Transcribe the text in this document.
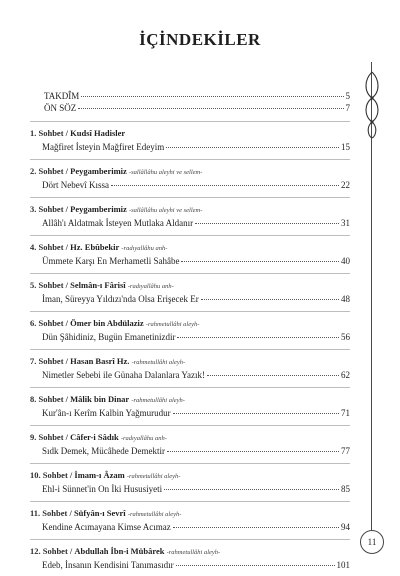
İÇİNDEKİLER
TAKDÎM	5
ÖN SÖZ	7
1. Sohbet / Kudsî Hadisler
Mağfiret İsteyin Mağfiret Edeyim	15
2. Sohbet / Peygamberimiz -sallâllâhu aleyhi ve sellem-
Dört Nebevî Kıssa	22
3. Sohbet / Peygamberimiz -sallâllâhu aleyhi ve sellem-
Allâh'ı Aldatmak İsteyen Mutlaka Aldanır	31
4. Sohbet / Hz. Ebûbekir -radıyallâhu anh-
Ümmete Karşı En Merhametli Sahâbe	40
5. Sohbet / Selmân-ı Fârisî -radıyallâhu anh-
İman, Süreyya Yıldızı'nda Olsa Erişecek Er	48
6. Sohbet / Ömer bin Abdülaziz -rahmetullâhi aleyh-
Dün Şâhidiniz, Bugün Emanetinizdir	56
7. Sohbet / Hasan Basrî Hz. -rahmetullâhi aleyh-
Nimetler Sebebi ile Günaha Dalanlara Yazık!	62
8. Sohbet / Mâlik bin Dinar -rahmetullâhi aleyh-
Kur'ân-ı Kerîm Kalbin Yağmurudur	71
9. Sohbet / Câfer-i Sâdık -radıyallâhu anh-
Sıdk Demek, Mücâhede Demektir	77
10. Sohbet / İmam-ı Âzam -rahmetullâhi aleyh-
Ehl-i Sünnet'in On İki Hususiyeti	85
11. Sohbet / Süfyân-ı Sevrî -rahmetullâhi aleyh-
Kendine Acımayana Kimse Acımaz	94
12. Sohbet / Abdullah İbn-i Mübârek -rahmetullâhi aleyh-
Edeb, İnsanın Kendisini Tanımasıdır	101
11
